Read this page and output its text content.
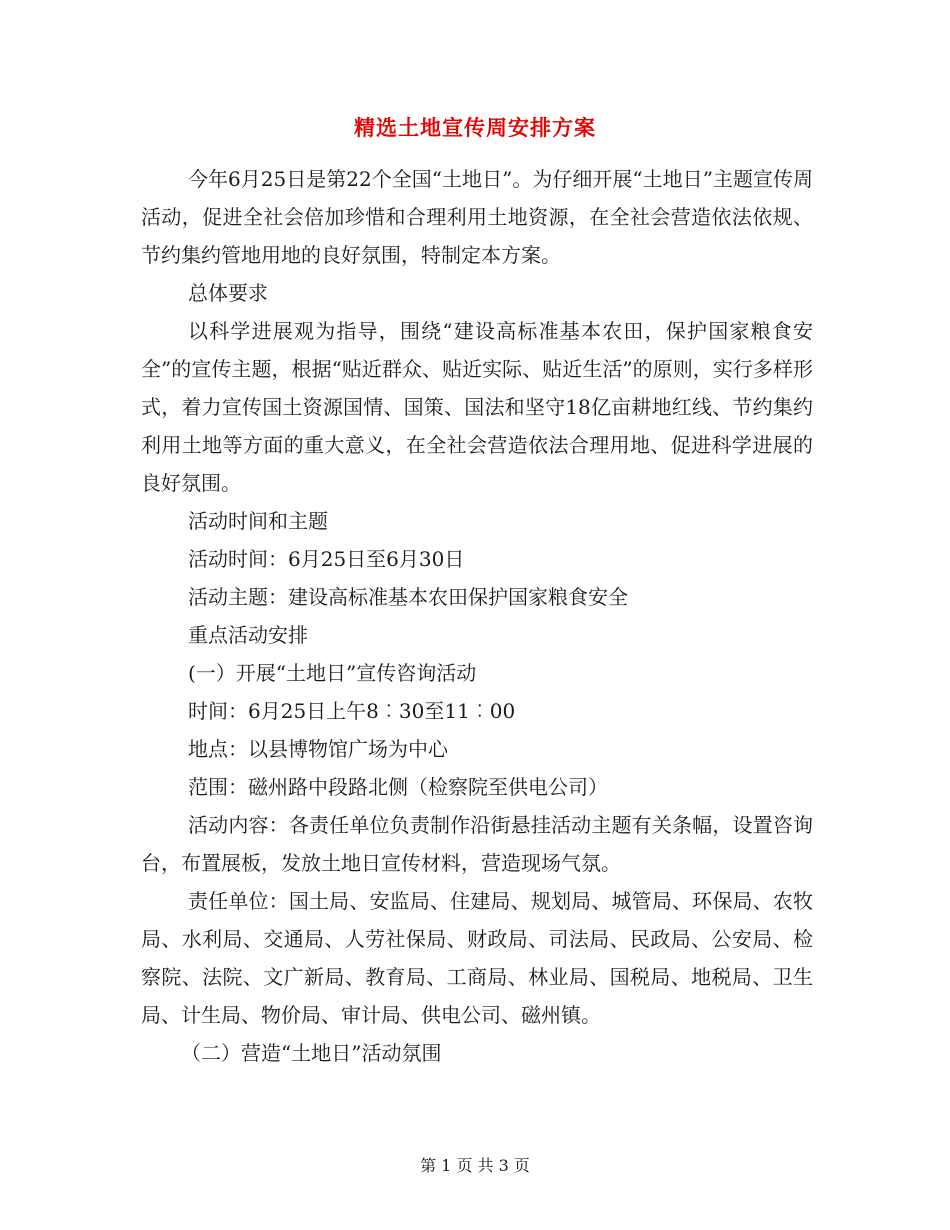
精选土地宣传周安排方案

今年6月25日是第22个全国“土地日”。为仔细开展“土地日”主题宣传周活动，促进全社会倍加珍惜和合理利用土地资源，在全社会营造依法依规、节约集约管地用地的良好氛围，特制定本方案。

总体要求

以科学进展观为指导，围绕“建设高标准基本农田，保护国家粮食安全”的宣传主题，根据“贴近群众、贴近实际、贴近生活”的原则，实行多样形式，着力宣传国土资源国情、国策、国法和坚守18亿亩耕地红线、节约集约利用土地等方面的重大意义，在全社会营造依法合理用地、促进科学进展的良好氛围。

活动时间和主题

活动时间：6月25日至6月30日

活动主题：建设高标准基本农田保护国家粮食安全

重点活动安排

(一）开展“土地日”宣传咨询活动

时间：6月25日上午8︰30至11︰00

地点：以县博物馆广场为中心

范围：磁州路中段路北侧（检察院至供电公司）

活动内容：各责任单位负责制作沿街悬挂活动主题有关条幅，设置咨询台，布置展板，发放土地日宣传材料，营造现场气氛。

责任单位：国土局、安监局、住建局、规划局、城管局、环保局、农牧局、水利局、交通局、人劳社保局、财政局、司法局、民政局、公安局、检察院、法院、文广新局、教育局、工商局、林业局、国税局、地税局、卫生局、计生局、物价局、审计局、供电公司、磁州镇。

（二）营造“土地日”活动氛围

第 1 页 共 3 页
